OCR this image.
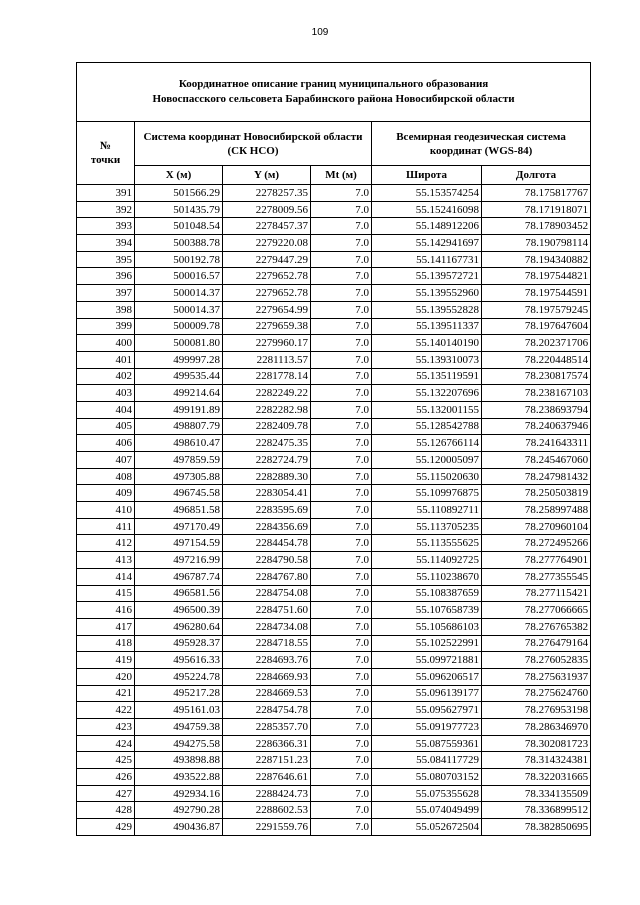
109
Координатное описание границ муниципального образования
Новоспасского сельсовета Барабинского района Новосибирской области					

№
точки	Система координат Новосибирской области (СК НСО)			Всемирная геодезическая система координат (WGS-84)	
	X (м)	Y (м)	Mt (м)	Широта	Долгота
391	501566.29	2278257.35	7.0	55.153574254	78.175817767
392	501435.79	2278009.56	7.0	55.152416098	78.171918071
393	501048.54	2278457.37	7.0	55.148912206	78.178903452
394	500388.78	2279220.08	7.0	55.142941697	78.190798114
395	500192.78	2279447.29	7.0	55.141167731	78.194340882
396	500016.57	2279652.78	7.0	55.139572721	78.197544821
397	500014.37	2279652.78	7.0	55.139552960	78.197544591
398	500014.37	2279654.99	7.0	55.139552828	78.197579245
399	500009.78	2279659.38	7.0	55.139511337	78.197647604
400	500081.80	2279960.17	7.0	55.140140190	78.202371706
401	499997.28	2281113.57	7.0	55.139310073	78.220448514
402	499535.44	2281778.14	7.0	55.135119591	78.230817574
403	499214.64	2282249.22	7.0	55.132207696	78.238167103
404	499191.89	2282282.98	7.0	55.132001155	78.238693794
405	498807.79	2282409.78	7.0	55.128542788	78.240637946
406	498610.47	2282475.35	7.0	55.126766114	78.241643311
407	497859.59	2282724.79	7.0	55.120005097	78.245467060
408	497305.88	2282889.30	7.0	55.115020630	78.247981432
409	496745.58	2283054.41	7.0	55.109976875	78.250503819
410	496851.58	2283595.69	7.0	55.110892711	78.258997488
411	497170.49	2284356.69	7.0	55.113705235	78.270960104
412	497154.59	2284454.78	7.0	55.113555625	78.272495266
413	497216.99	2284790.58	7.0	55.114092725	78.277764901
414	496787.74	2284767.80	7.0	55.110238670	78.277355545
415	496581.56	2284754.08	7.0	55.108387659	78.277115421
416	496500.39	2284751.60	7.0	55.107658739	78.277066665
417	496280.64	2284734.08	7.0	55.105686103	78.276765382
418	495928.37	2284718.55	7.0	55.102522991	78.276479164
419	495616.33	2284693.76	7.0	55.099721881	78.276052835
420	495224.78	2284669.93	7.0	55.096206517	78.275631937
421	495217.28	2284669.53	7.0	55.096139177	78.275624760
422	495161.03	2284754.78	7.0	55.095627971	78.276953198
423	494759.38	2285357.70	7.0	55.091977723	78.286346970
424	494275.58	2286366.31	7.0	55.087559361	78.302081723
425	493898.88	2287151.23	7.0	55.084117729	78.314324381
426	493522.88	2287646.61	7.0	55.080703152	78.322031665
427	492934.16	2288424.73	7.0	55.075355628	78.334135509
428	492790.28	2288602.53	7.0	55.074049499	78.336899512
429	490436.87	2291559.76	7.0	55.052672504	78.382850695
